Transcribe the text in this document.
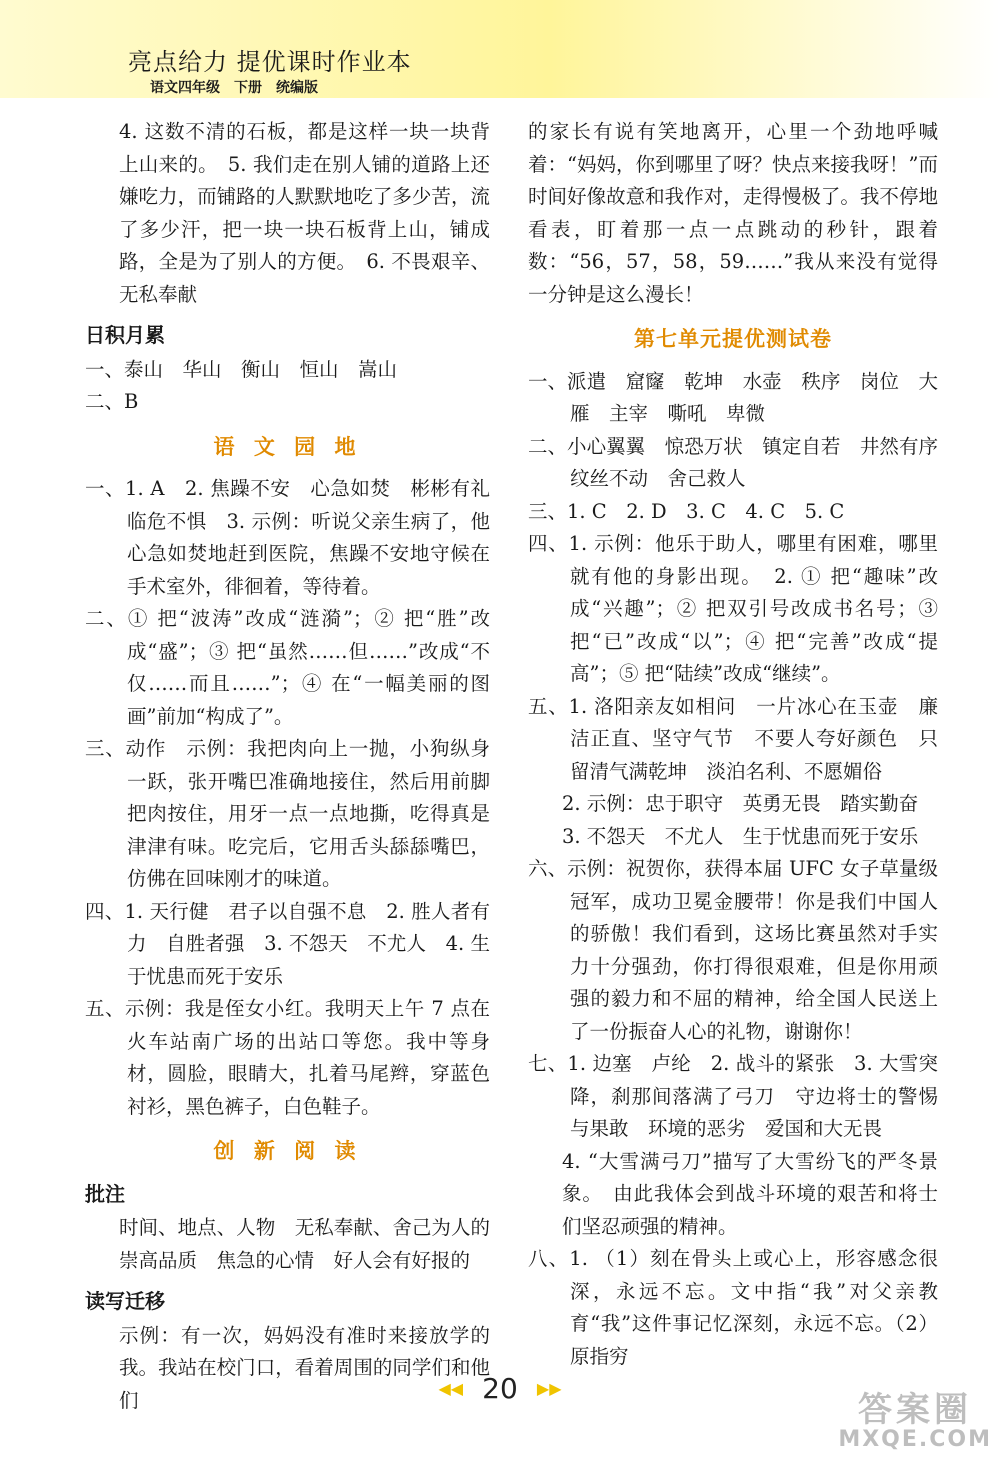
亮点给力 提优课时作业本
语文四年级　下册　统编版

4. 这数不清的石板，都是这样一块一块背上山来的。　5. 我们走在别人铺的道路上还嫌吃力，而铺路的人默默地吃了多少苦，流了多少汗，把一块一块石板背上山，铺成路，全是为了别人的方便。　6. 不畏艰辛、无私奉献

日积月累

一、泰山　华山　衡山　恒山　嵩山

二、B

语 文 园 地

一、1. A　2. 焦躁不安　心急如焚　彬彬有礼　临危不惧　3. 示例：听说父亲生病了，他心急如焚地赶到医院，焦躁不安地守候在手术室外，徘徊着，等待着。

二、① 把“波涛”改成“涟漪”；② 把“胜”改成“盛”；③ 把“虽然……但……”改成“不仅……而且……”；④ 在“一幅美丽的图画”前加“构成了”。

三、动作　示例：我把肉向上一抛，小狗纵身一跃，张开嘴巴准确地接住，然后用前脚把肉按住，用牙一点一点地撕，吃得真是津津有味。吃完后，它用舌头舔舔嘴巴，仿佛在回味刚才的味道。

四、1. 天行健　君子以自强不息　2. 胜人者有力　自胜者强　3. 不怨天　不尤人　4. 生于忧患而死于安乐

五、示例：我是侄女小红。我明天上午 7 点在火车站南广场的出站口等您。我中等身材，圆脸，眼睛大，扎着马尾辫，穿蓝色衬衫，黑色裤子，白色鞋子。

创 新 阅 读
批注

时间、地点、人物　无私奉献、舍己为人的崇高品质　焦急的心情　好人会有好报的

读写迁移

示例：有一次，妈妈没有准时来接放学的我。我站在校门口，看着周围的同学们和他们

的家长有说有笑地离开，心里一个劲地呼喊着：“妈妈，你到哪里了呀？快点来接我呀！”而时间好像故意和我作对，走得慢极了。我不停地看表，盯着那一点一点跳动的秒针，跟着数：“56，57，58，59……”我从来没有觉得一分钟是这么漫长！

第七单元提优测试卷

一、派遣　窟窿　乾坤　水壶　秩序　岗位　大雁　主宰　嘶吼　卑微

二、小心翼翼　惊恐万状　镇定自若　井然有序　纹丝不动　舍己救人

三、1. C　2. D　3. C　4. C　5. C

四、1. 示例：他乐于助人，哪里有困难，哪里就有他的身影出现。　2. ① 把“趣味”改成“兴趣”；② 把双引号改成书名号；③ 把“已”改成“以”；④ 把“完善”改成“提高”；⑤ 把“陆续”改成“继续”。

五、1. 洛阳亲友如相问　一片冰心在玉壶　廉洁正直、坚守气节　不要人夸好颜色　只留清气满乾坤　淡泊名利、不愿媚俗

2. 示例：忠于职守　英勇无畏　踏实勤奋

3. 不怨天　不尤人　生于忧患而死于安乐

六、示例：祝贺你，获得本届 UFC 女子草量级冠军，成功卫冕金腰带！你是我们中国人的骄傲！我们看到，这场比赛虽然对手实力十分强劲，你打得很艰难，但是你用顽强的毅力和不屈的精神，给全国人民送上了一份振奋人心的礼物，谢谢你！

七、1. 边塞　卢纶　2. 战斗的紧张　3. 大雪突降，刹那间落满了弓刀　守边将士的警惕与果敢　环境的恶劣　爱国和大无畏

4. “大雪满弓刀”描写了大雪纷飞的严冬景象。　由此我体会到战斗环境的艰苦和将士们坚忍顽强的精神。

八、1. （1）刻在骨头上或心上，形容感念很深，永远不忘。文中指“我”对父亲教育“我”这件事记忆深刻，永远不忘。（2）原指穷

◀◀ 20 ▶▶
答案圈
MXQE.COM
